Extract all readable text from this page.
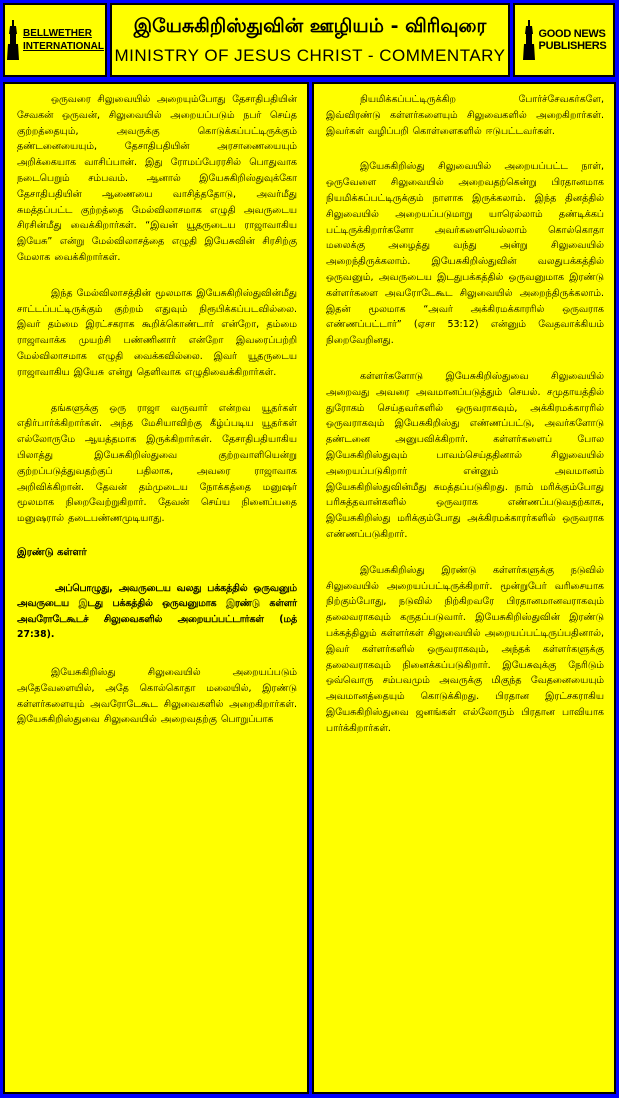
BELLWETHER
INTERNATIONAL
இயேசுகிறிஸ்துவின் ஊழியம் - விரிவுரை
MINISTRY OF JESUS CHRIST - COMMENTARY
GOOD NEWS
PUBLISHERS

ஒருவரை சிலுவையில் அறையும்போது தேசாதிபதியின் சேவகன் ஒருவன், சிலுவையில் அறையப்படும் நபர் செய்த குற்றத்தையும், அவருக்கு கொடுக்கப்பட்டிருக்கும் தண்டனையையும், தேசாதிபதியின் அரசாணையையும் அறிக்கையாக வாசிப்பான். இது ரோமப்பேரரசில் பொதுவாக நடைபெறும் சம்பவம். ஆனால் இயேசுகிறிஸ்துவுக்கோ தேசாதிபதியின் ஆணையை வாசித்ததோடு, அவர்மீது சுமத்தப்பட்ட குற்றத்தை மேல்விலாசமாக எழுதி அவருடைய சிரசின்மீது வைக்கிறார்கள். “இவன் யூதருடைய ராஜாவாகிய இயேசு” என்று மேல்விலாசத்தை எழுதி இயேசுவின் சிரசிற்கு மேலாக வைக்கிறார்கள்.

இந்த மேல்விலாசத்தின் மூலமாக இயேசுகிறிஸ்துவின்மீது சாட்டப்பட்டிருக்கும் குற்றம் எதுவும் நிரூபிக்கப்படவில்லை. இவர் தம்மை இரட்சகராக கூறிக்கொண்டார் என்றோ, தம்மை ராஜாவாக்க முயற்சி பண்ணினார் என்றோ இவரைப்பற்றி மேல்விலாசமாக எழுதி வைக்கவில்லை. இவர் யூதருடைய ராஜாவாகிய இயேசு என்று தெளிவாக எழுதிவைக்கிறார்கள்.

தங்களுக்கு ஒரு ராஜா வருவார் என்றவ யூதர்கள் எதிர்பார்க்கிறார்கள். அந்த மேசியாவிற்கு கீழ்ப்படிய யூதர்கள் எல்லோருமே ஆயத்தமாக இருக்கிறார்கள். தேசாதிபதியாகிய பிலாத்து இயேசுகிறிஸ்துவை குற்றவாளியென்று குற்றப்படுத்துவதற்குப் பதிலாக, அவரை ராஜாவாக அறிவிக்கிறான். தேவன் தம்முடைய நோக்கத்தை மனுஷர் மூலமாக நிறைவேற்றுகிறார். தேவன் செய்ய நினைப்பதை மனுஷரால் தடைபண்ணமுடியாது.

இரண்டு கள்ளர்

அப்பொழுது, அவருடைய வலது பக்கத்தில் ஒருவனும் அவருடைய இடது பக்கத்தில் ஒருவனுமாக இரண்டு கள்ளர் அவரோடேகூடச் சிலுவைகளில் அறையப்பட்டார்கள் (மத் 27:38).

இயேசுகிறிஸ்து சிலுவையில் அறையப்படும் அதேவேளையில், அதே கொல்கொதா மலையில், இரண்டு கள்ளர்களையும் அவரோடேகூட சிலுவைகளில் அறைகிறார்கள். இயேசுகிறிஸ்துவை சிலுவையில் அறைவதற்கு பொறுப்பாக

நியமிக்கப்பட்டிருக்கிற போர்ச்சேவகர்களே, இவ்விரண்டு கள்ளர்களையும் சிலுவைகளில் அறைகிறார்கள். இவர்கள் வழிப்பறி கொள்ளைகளில் ஈடுபட்டவர்கள்.

இயேசுகிறிஸ்து சிலுவையில் அறையப்பட்ட நாள், ஒருவேளை சிலுவையில் அறைவதற்கென்று பிரதானமாக நியமிக்கப்பட்டிருக்கும் நாளாக இருக்கலாம். இந்த தினத்தில் சிலுவையில் அறையப்படுமாறு யாரெல்லாம் தண்டிக்கப் பட்டிருக்கிறார்களோ அவர்களையெல்லாம் கொல்கொதா மலைக்கு அழைத்து வந்து அன்று சிலுவையில் அறைந்திருக்கலாம். இயேசுகிறிஸ்துவின் வலதுபக்கத்தில் ஒருவனும், அவருடைய இடதுபக்கத்தில் ஒருவனுமாக இரண்டு கள்ளர்களை அவரோடேகூட சிலுவையில் அறைந்திருக்கலாம். இதன் மூலமாக “அவர் அக்கிரமக்காரரில் ஒருவராக எண்ணப்பட்டார்” (ஏசா 53:12) என்னும் வேதவாக்கியம் நிறைவேறினது.

கள்ளர்களோடு இயேசுகிறிஸ்துவை சிலுவையில் அறைவது அவரை அவமானப்படுத்தும் செயல். சமுதாயத்தில் துரோகம் செய்தவர்களில் ஒருவராகவும், அக்கிரமக்காரரில் ஒருவராகவும் இயேசுகிறிஸ்து எண்ணப்பட்டு, அவர்களோடு தண்டனை அனுபவிக்கிறார். கள்ளர்களைப் போல இயேசுகிறிஸ்துவும் பாவம்செய்ததினால் சிலுவையில் அறையப்படுகிறார் என்னும் அவமானம் இயேசுகிறிஸ்துவின்மீது சுமத்தப்படுகிறது. நாம் மரிக்கும்போது பரிசுத்தவான்களில் ஒருவராக எண்ணப்படுவதற்காக, இயேசுகிறிஸ்து மரிக்கும்போது அக்கிரமக்காரர்களில் ஒருவராக எண்ணப்படுகிறார்.

இயேசுகிறிஸ்து இரண்டு கள்ளர்களுக்கு நடுவில் சிலுவையில் அறையப்பட்டிருக்கிறார். மூன்றுபேர் வரிசையாக நிற்கும்போது, நடுவில் நிற்கிறவரே பிரதானமானவராகவும் தலைவராகவும் கருதப்படுவார். இயேசுகிறிஸ்துவின் இரண்டு பக்கத்திலும் கள்ளர்கள் சிலுவையில் அறையப்பட்டிருப்பதினால், இவர் கள்ளர்களில் ஒருவராகவும், அந்தக் கள்ளர்களுக்கு தலைவராகவும் நினைக்கப்படுகிறார். இயேசுவுக்கு நேரிடும் ஒவ்வொரு சம்பவமும் அவருக்கு மிகுந்த வேதனையையும் அவமானத்தையும் கொடுக்கிறது. பிரதான இரட்சகராகிய இயேசுகிறிஸ்துவை ஜனங்கள் எல்லோரும் பிரதான பாவியாக பார்க்கிறார்கள்.
